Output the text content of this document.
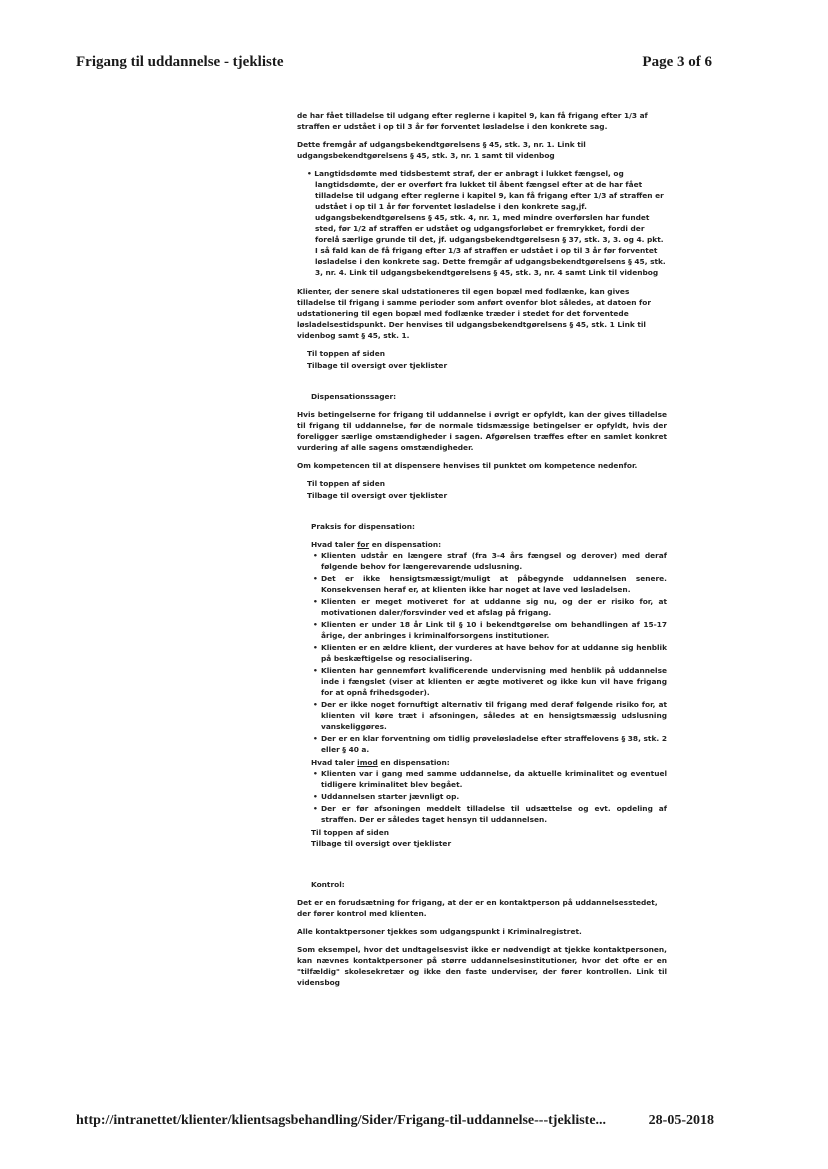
Frigang til uddannelse - tjekliste	Page 3 of 6

de har fået tilladelse til udgang efter reglerne i kapitel 9, kan få frigang efter 1/3 af straffen er udstået i op til 3 år før forventet løsladelse i den konkrete sag.

Dette fremgår af udgangsbekendtgørelsens § 45, stk. 3, nr. 1. Link til udgangsbekendtgørelsens § 45, stk. 3, nr. 1 samt til videnbog

• Langtidsdømte med tidsbestemt straf, der er anbragt i lukket fængsel, og langtidsdømte, der er overført fra lukket til åbent fængsel efter at de har fået tilladelse til udgang efter reglerne i kapitel 9, kan få frigang efter 1/3 af straffen er udstået i op til 1 år før forventet løsladelse i den konkrete sag,jf. udgangsbekendtgørelsens § 45, stk. 4, nr. 1, med mindre overførslen har fundet sted, før 1/2 af straffen er udstået og udgangsforløbet er fremrykket, fordi der forelå særlige grunde til det, jf. udgangsbekendtgørelsesn § 37, stk. 3, 3. og 4. pkt. I så fald kan de få frigang efter 1/3 af straffen er udstået i op til 3 år før forventet løsladelse i den konkrete sag. Dette fremgår af udgangsbekendtgørelsens § 45, stk. 3, nr. 4. Link til udgangsbekendtgørelsens § 45, stk. 3, nr. 4 samt Link til videnbog

Klienter, der senere skal udstationeres til egen bopæl med fodlænke, kan gives tilladelse til frigang i samme perioder som anført ovenfor blot således, at datoen for udstationering til egen bopæl med fodlænke træder i stedet for det forventede løsladelsestidspunkt. Der henvises til udgangsbekendtgørelsens § 45, stk. 1 Link til videnbog samt § 45, stk. 1.

Til toppen af siden
Tilbage til oversigt over tjeklister
Dispensationssager:

Hvis betingelserne for frigang til uddannelse i øvrigt er opfyldt, kan der gives tilladelse til frigang til uddannelse, før de normale tidsmæssige betingelser er opfyldt, hvis der foreligger særlige omstændigheder i sagen. Afgørelsen træffes efter en samlet konkret vurdering af alle sagens omstændigheder.

Om kompetencen til at dispensere henvises til punktet om kompetence nedenfor.

Til toppen af siden
Tilbage til oversigt over tjeklister
Praksis for dispensation:
Hvad taler for en dispensation:
• Klienten udstår en længere straf (fra 3-4 års fængsel og derover) med deraf følgende behov for længerevarende udslusning.
• Det er ikke hensigtsmæssigt/muligt at påbegynde uddannelsen senere. Konsekvensen heraf er, at klienten ikke har noget at lave ved løsladelsen.
• Klienten er meget motiveret for at uddanne sig nu, og der er risiko for, at motivationen daler/forsvinder ved et afslag på frigang.
• Klienten er under 18 år Link til § 10 i bekendtgørelse om behandlingen af 15-17 årige, der anbringes i kriminalforsorgens institutioner.
• Klienten er en ældre klient, der vurderes at have behov for at uddanne sig henblik på beskæftigelse og resocialisering.
• Klienten har gennemført kvalificerende undervisning med henblik på uddannelse inde i fængslet (viser at klienten er ægte motiveret og ikke kun vil have frigang for at opnå frihedsgoder).
• Der er ikke noget fornuftigt alternativ til frigang med deraf følgende risiko for, at klienten vil køre træt i afsoningen, således at en hensigtsmæssig udslusning vanskeliggøres.
• Der er en klar forventning om tidlig prøveløsladelse efter straffelovens § 38, stk. 2 eller § 40 a.
Hvad taler imod en dispensation:
• Klienten var i gang med samme uddannelse, da aktuelle kriminalitet og eventuel tidligere kriminalitet blev begået.
• Uddannelsen starter jævnligt op.
• Der er før afsoningen meddelt tilladelse til udsættelse og evt. opdeling af straffen. Der er således taget hensyn til uddannelsen.
Til toppen af siden
Tilbage til oversigt over tjeklister
Kontrol:

Det er en forudsætning for frigang, at der er en kontaktperson på uddannelsesstedet, der fører kontrol med klienten.

Alle kontaktpersoner tjekkes som udgangspunkt i Kriminalregistret.

Som eksempel, hvor det undtagelsesvist ikke er nødvendigt at tjekke kontaktpersonen, kan nævnes kontaktpersoner på større uddannelsesinstitutioner, hvor det ofte er en "tilfældig" skolesekretær og ikke den faste underviser, der fører kontrollen. Link til vidensbog

http://intranettet/klienter/klientsagsbehandling/Sider/Frigang-til-uddannelse---tjekliste...	28-05-2018
